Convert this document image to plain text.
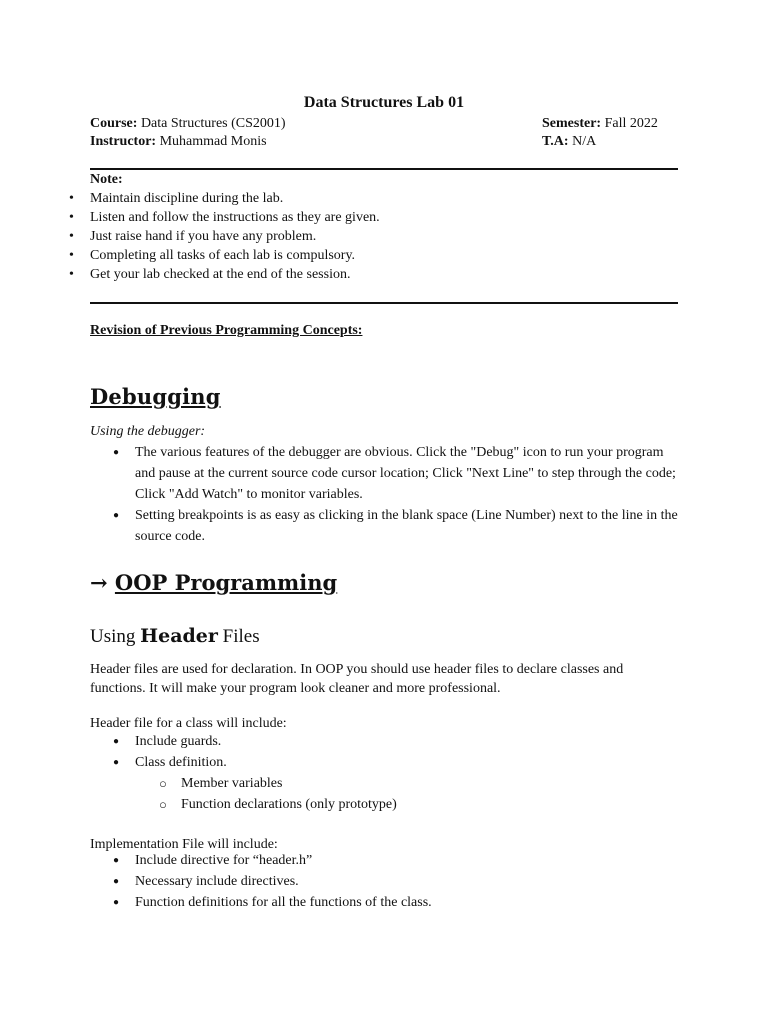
Data Structures Lab 01
Course: Data Structures (CS2001)
Instructor: Muhammad Monis
Semester: Fall 2022
T.A: N/A
Note:
• Maintain discipline during the lab.
• Listen and follow the instructions as they are given.
• Just raise hand if you have any problem.
• Completing all tasks of each lab is compulsory.
• Get your lab checked at the end of the session.
Revision of Previous Programming Concepts:
Debugging
Using the debugger:
● The various features of the debugger are obvious. Click the "Debug" icon to run your program and pause at the current source code cursor location; Click "Next Line" to step through the code; Click "Add Watch" to monitor variables.
● Setting breakpoints is as easy as clicking in the blank space (Line Number) next to the line in the source code.
→ OOP Programming
Using Header Files
Header files are used for declaration. In OOP you should use header files to declare classes and functions. It will make your program look cleaner and more professional.
Header file for a class will include:
● Include guards.
● Class definition.
○ Member variables
○ Function declarations (only prototype)
Implementation File will include:
● Include directive for “header.h”
● Necessary include directives.
● Function definitions for all the functions of the class.
